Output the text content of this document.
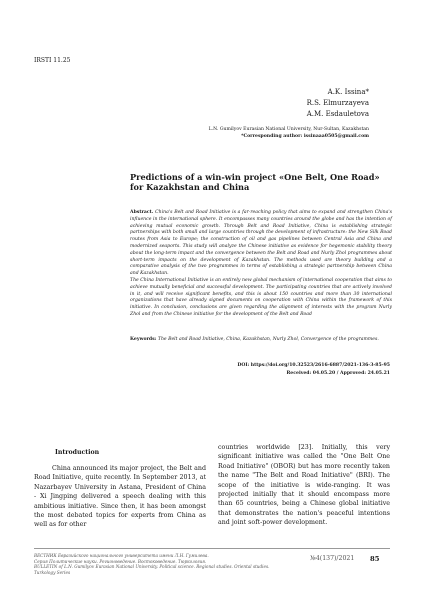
IRSTI 11.25
A.K. Issina*
R.S. Elmurzayeva
A.M. Esdauletova
L.N. Gumilyov Eurasian National University, Nur-Sultan, Kazakhstan
*Corresponding author: issinaaa0505@gmail.com
Predictions of a win-win project «One Belt, One Road» for Kazakhstan and China
Abstract. China's Belt and Road Initiative is a far-reaching policy that aims to expand and strengthen China's influence in the international sphere. It encompasses many countries around the globe and has the intention of achieving mutual economic growth. Through Belt and Road Initiative, China is establishing strategic partnerships with both small and large countries through the development of infrastructure: the New Silk Road routes from Asia to Europe; the construction of oil and gas pipelines between Central Asia and China and modernized seaports. This study will analyze the Chinese initiative as evidence for hegemonic stability theory about the long-term impact and the convergence between the Belt and Road and Nurly Zhol programmes about short-term impacts on the development of Kazakhstan. The methods used are theory building and a comparative analysis of the two programmes in terms of establishing a strategic partnership between China and Kazakhstan.
The China International Initiative is an entirely new global mechanism of international cooperation that aims to achieve mutually beneficial and successful development. The participating countries that are actively involved in it, and will receive significant benefits, and this is about 150 countries and more than 30 international organizations that have already signed documents on cooperation with China within the framework of this initiative. In conclusion, conclusions are given regarding the alignment of interests with the program Nurly Zhol and from the Chinese initiative for the development of the Belt and Road
Keywords: The Belt and Road Initiative, China, Kazakhstan, Nurly Zhol, Convergence of the programmes.
DOI: https://doi.org/10.32523/2616-6887/2021-136-3-85-95
Received: 04.05.20 / Approved: 24.05.21
Introduction
China announced its major project, the Belt and Road Initiative, quite recently. In September 2013, at Nazarbayev University in Astana, President of China - Xi Jingping delivered a speech dealing with this ambitious initiative. Since then, it has been amongst the most debated topics for experts from China as well as for other
countries worldwide [23]. Initially, this very significant initiative was called the "One Belt One Road Initiative" (OBOR) but has more recently taken the name "The Belt and Road Initiative" (BRI). The scope of the initiative is wide-ranging. It was projected initially that it should encompass more than 65 countries, being a Chinese global initiative that demonstrates the nation's peaceful intentions and joint soft-power development.
ВЕСТНИК Евразийского национального университета имени Л.Н. Гумилева.
Серия Политические науки. Регионоведение. Востоковедение. Тюркология.
BULLETIN of L.N. Gumilyov Eurasian National University. Political science. Regional studies. Oriental studies. Turkology Series
№4(137)/2021 85
